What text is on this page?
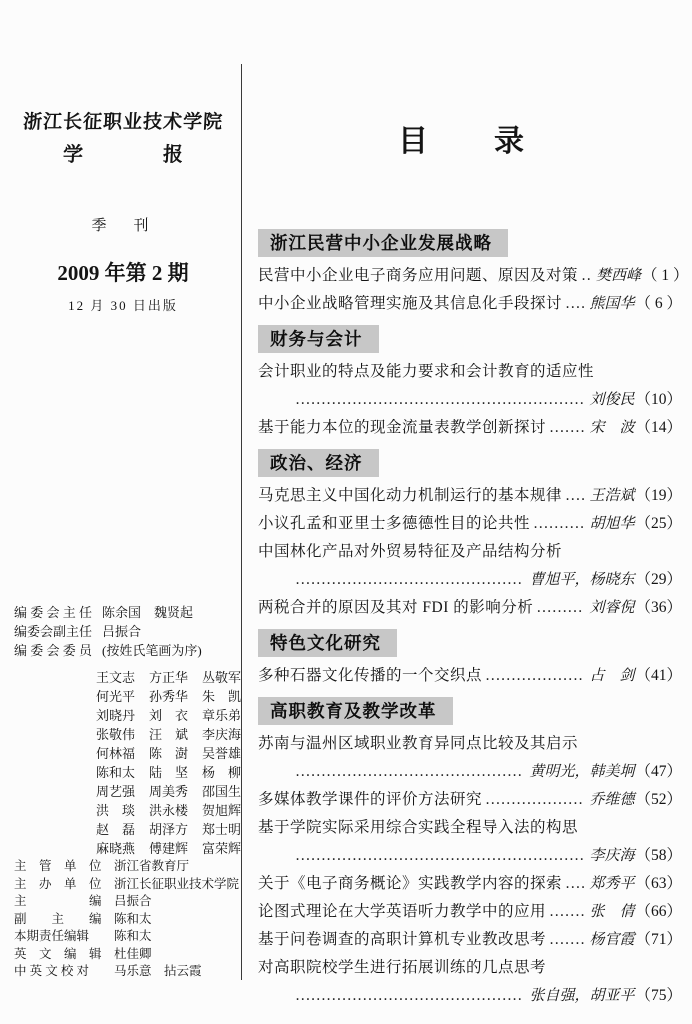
浙江长征职业技术学院
学　　　　报
季　刊
2009 年第 2 期
12 月 30 日出版
编 委 会 主 任 陈余国　魏贤起
编委会副主任 吕振合
编 委 会 委 员 (按姓氏笔画为序)
王文志 方正华 丛敬军
何光平 孙秀华 朱　凯
刘晓丹 刘　衣 章乐弟
张敬伟 汪　斌 李庆海
何林福 陈　澍 吴誉雄
陈和太 陆　坚 杨　柳
周艺强 周美秀 邵国生
洪　琰 洪永楼 贺旭辉
赵　磊 胡泽方 郑士明
麻晓燕 傅建辉 富荣辉
主　管　单　位 浙江省教育厅
主　办　单　位 浙江长征职业技术学院
主　　　　　编 吕振合
副　　主　　编 陈和太
本期责任编辑	陈和太
英　文　编　辑 杜佳卿
中 英 文 校 对	马乐意　拈云霞
目　录
浙江民营中小企业发展战略
民营中小企业电子商务应用问题、原因及对策 …………………………………………………………………………………… 樊西峰 （ 1 ）
中小企业战略管理实施及其信息化手段探讨 …………………………………………………………………………………… 熊国华 （ 6 ）
财务与会计
会计职业的特点及能力要求和会计教育的适应性
……………………………………………………………………………………
刘俊民 （10）
基于能力本位的现金流量表教学创新探讨 ……………………………………………………………………………………	宋　波 （14）
政治、经济
马克思主义中国化动力机制运行的基本规律 …………………………………………………………………………………… 王浩斌 （19）
小议孔孟和亚里士多德德性目的论共性 ……………………………………………………………………………………	胡旭华 （25）
中国林化产品对外贸易特征及产品结构分析
……………………………………………………………………………………
曹旭平，杨晓东 （29）
两税合并的原因及其对 FDI 的影响分析 ……………………………………………………………………………………	刘睿倪 （36）
特色文化研究
多种石器文化传播的一个交织点 ……………………………………………………………………………………	占　剑 （41）
高职教育及教学改革
苏南与温州区域职业教育异同点比较及其启示
……………………………………………………………………………………
黄明光，韩美坰 （47）
多媒体教学课件的评价方法研究 ……………………………………………………………………………………	乔维德 （52）
基于学院实际采用综合实践全程导入法的构思
……………………………………………………………………………………
李庆海 （58）
关于《电子商务概论》实践教学内容的探索 …………………………………………………………………………………… 郑秀平 （63）
论图式理论在大学英语听力教学中的应用 ……………………………………………………………………………………	张　倩 （66）
基于问卷调查的高职计算机专业教改思考 ……………………………………………………………………………………	杨官霞 （71）
对高职院校学生进行拓展训练的几点思考
……………………………………………………………………………………
张自强，胡亚平 （75）
